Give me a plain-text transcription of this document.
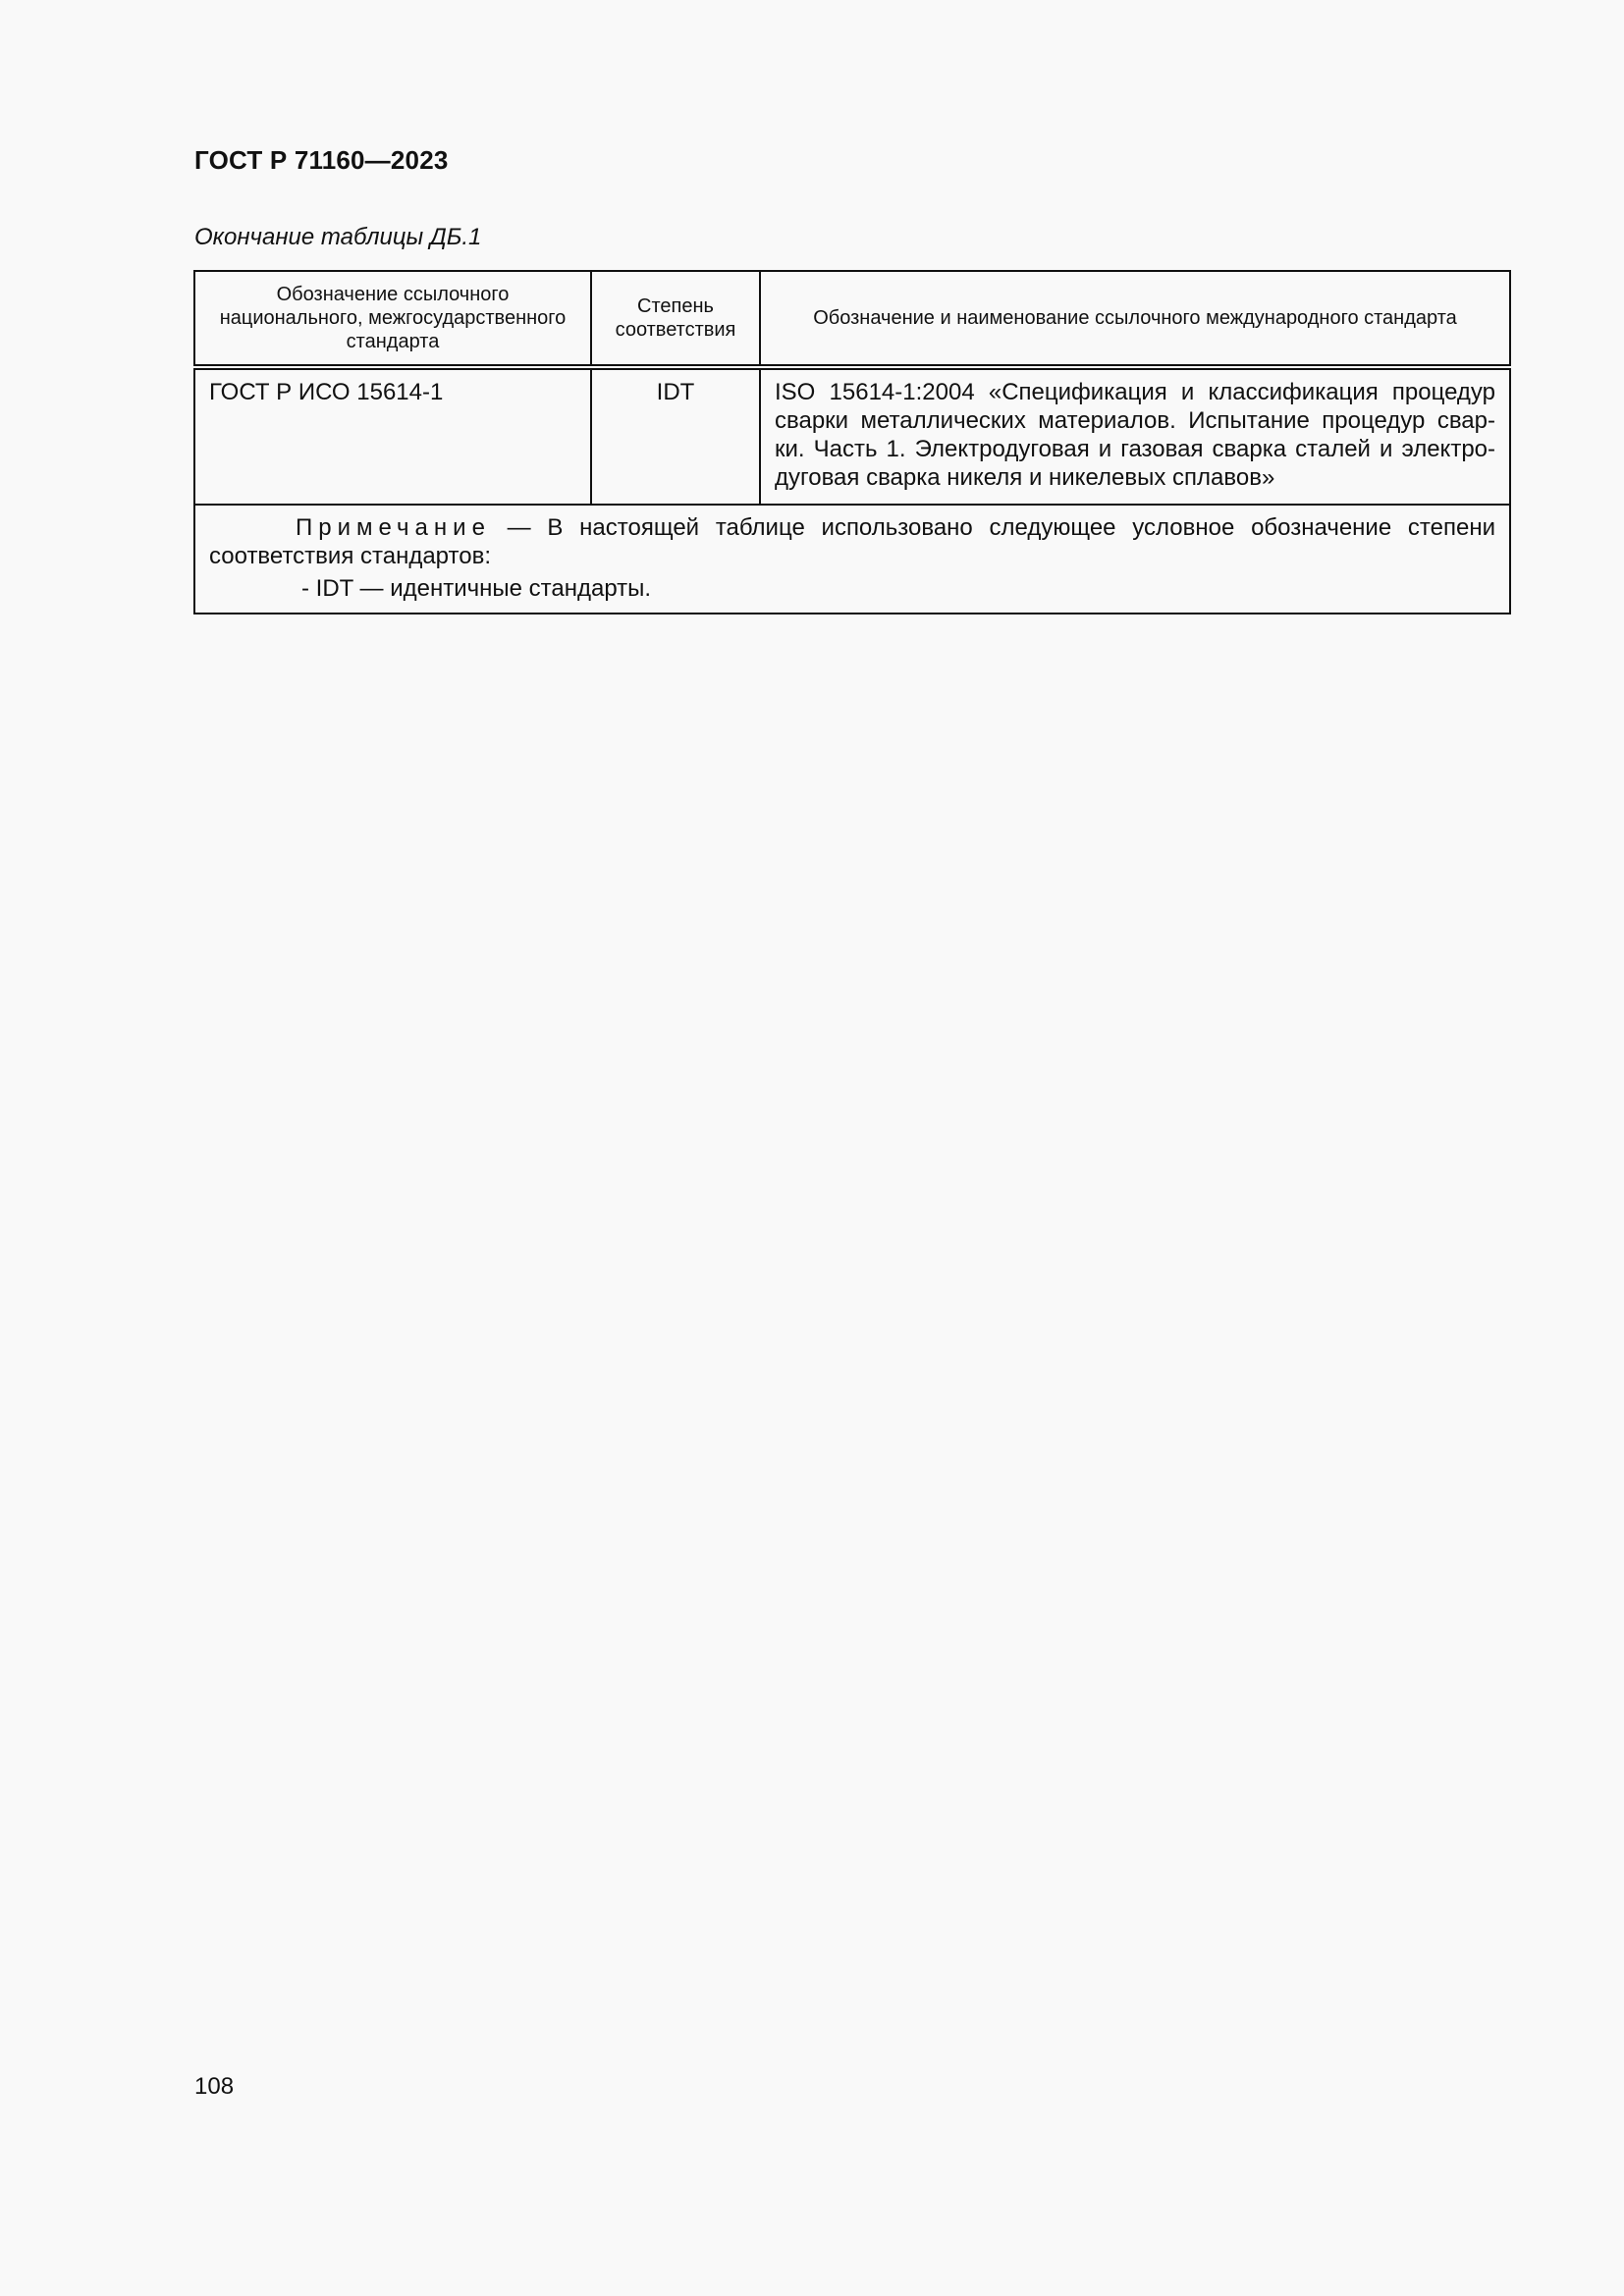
ГОСТ Р 71160—2023
Окончание таблицы ДБ.1
Обозначение ссылочного национального, межгосударственного стандарта	Степень соответствия	Обозначение и наименование ссылочного международного стандарта
ГОСТ Р ИСО 15614-1	IDT	ISO 15614-1:2004 «Спецификация и классификация процедур сварки металлических материалов. Испытание процедур свар-ки. Часть 1. Электродуговая и газовая сварка сталей и электро-дуговая сварка никеля и никелевых сплавов»

Примечание — В настоящей таблице использовано следующее условное обозначение степени соответствия стандартов:
- IDT — идентичные стандарты.		
108
